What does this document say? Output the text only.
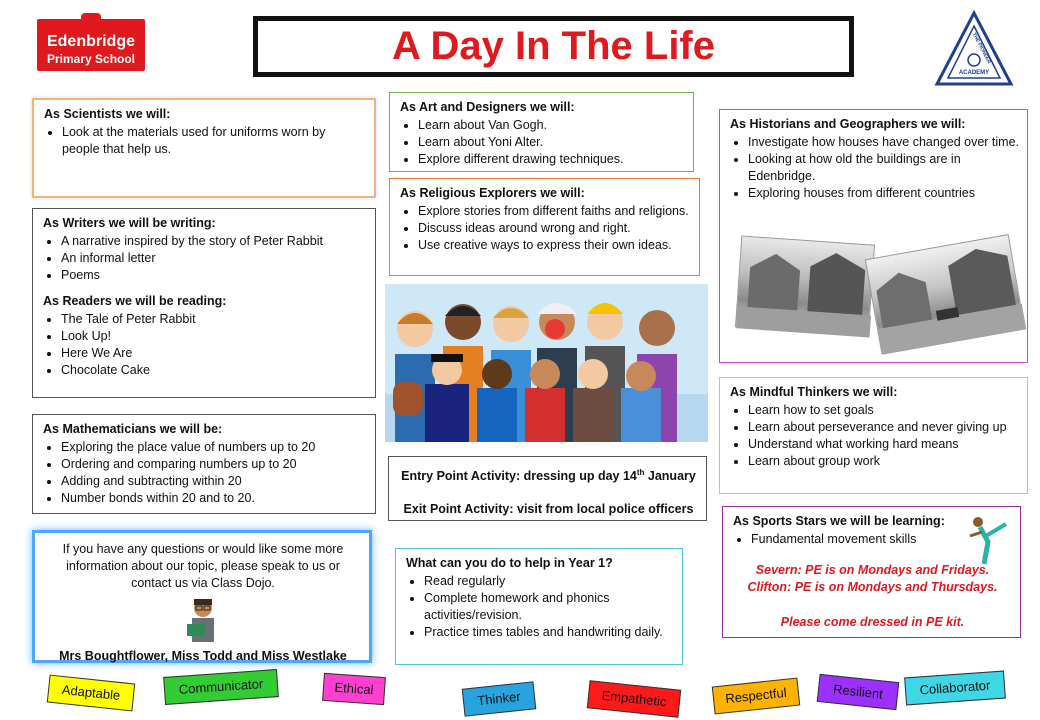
Edenbridge
Primary School	A Day In The Life	THE PIONEER
ACADEMY
As Scientists we will:
• Look at the materials used for uniforms worn by people that help us.
As Writers we will be writing:
• A narrative inspired by the story of Peter Rabbit
• An informal letter
• Poems
As Readers we will be reading:
• The Tale of Peter Rabbit
• Look Up!
• Here We Are
• Chocolate Cake
As Mathematicians we will be:
• Exploring the place value of numbers up to 20
• Ordering and comparing numbers up to 20
• Adding and subtracting within 20
• Number bonds within 20 and to 20.
If you have any questions or would like some more information about our topic, please speak to us or contact us via Class Dojo.
Mrs Boughtflower, Miss Todd and Miss Westlake
As Art and Designers we will:
• Learn about Van Gogh.
• Learn about Yoni Alter.
• Explore different drawing techniques.
As Religious Explorers we will:
• Explore stories from different faiths and religions.
• Discuss ideas around wrong and right.
• Use creative ways to express their own ideas.
Entry Point Activity: dressing up day 14th January
Exit Point Activity: visit from local police officers
What can you do to help in Year 1?
• Read regularly
• Complete homework and phonics activities/revision.
• Practice times tables and handwriting daily.
As Historians and Geographers we will:
• Investigate how houses have changed over time.
• Looking at how old the buildings are in Edenbridge.
• Exploring houses from different countries
As Mindful Thinkers we will:
• Learn how to set goals
• Learn about perseverance and never giving up
• Understand what working hard means
• Learn about group work
As Sports Stars we will be learning:
• Fundamental movement skills
Severn: PE is on Mondays and Fridays.
Clifton: PE is on Mondays and Thursdays.
Please come dressed in PE kit.
Adaptable	Communicator	Ethical
Thinker	Empathetic	Respectful	Resilient	Collaborator
